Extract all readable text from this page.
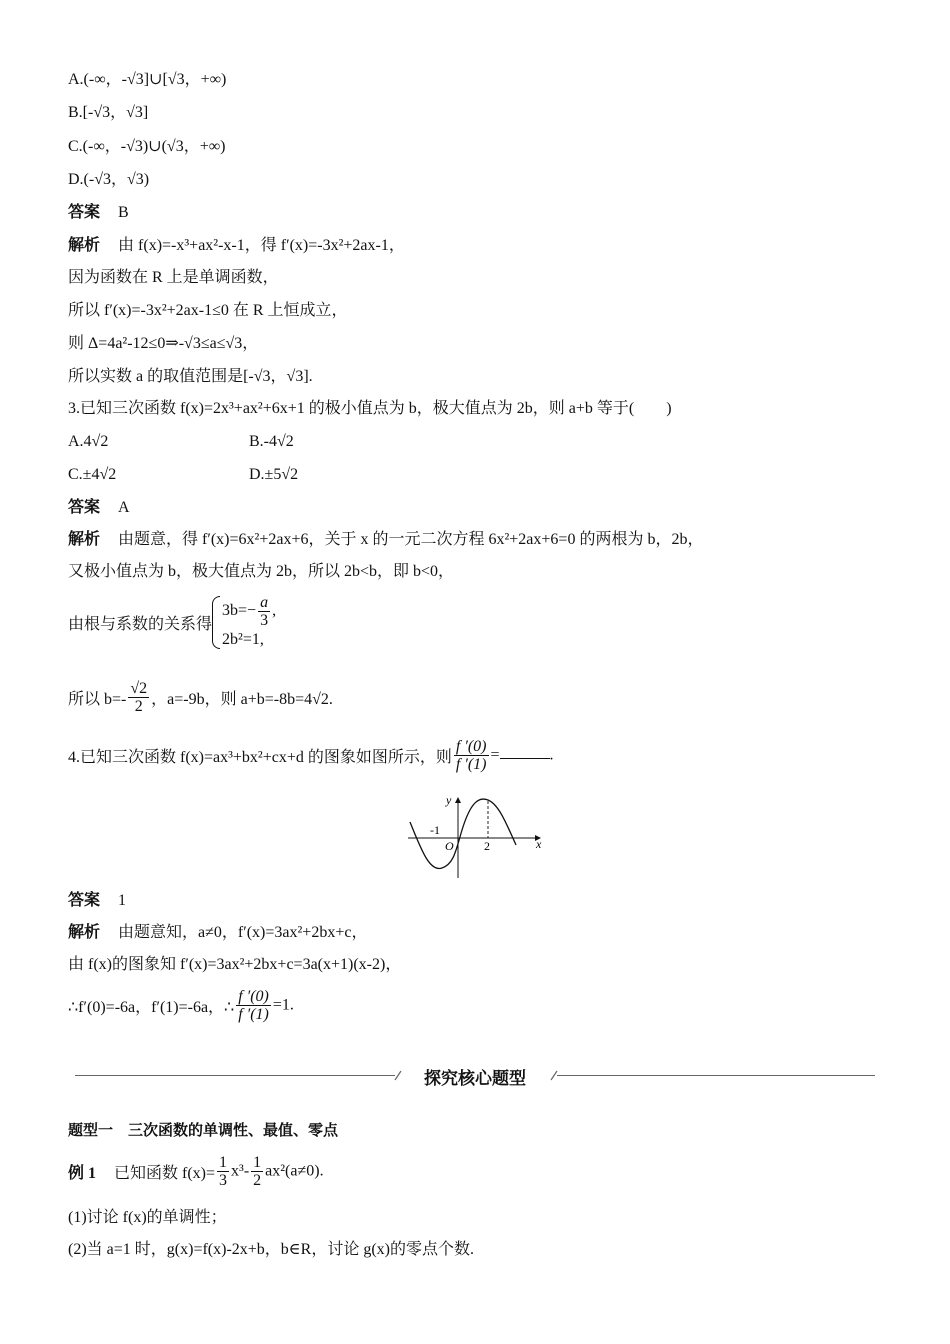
A.(-∞，-√3]∪[√3，+∞)
B.[-√3，√3]
C.(-∞，-√3)∪(√3，+∞)
D.(-√3，√3)
答案 B
解析 由 f(x)=-x³+ax²-x-1，得 f′(x)=-3x²+2ax-1，
因为函数在 R 上是单调函数，
所以 f′(x)=-3x²+2ax-1≤0 在 R 上恒成立，
则 Δ=4a²-12≤0⇒-√3≤a≤√3，
所以实数 a 的取值范围是[-√3，√3].
3.已知三次函数 f(x)=2x³+ax²+6x+1 的极小值点为 b，极大值点为 2b，则 a+b 等于(　　)
A.4√2	B.-4√2
C.±4√2	D.±5√2
答案 A
解析 由题意，得 f′(x)=6x²+2ax+6，关于 x 的一元二次方程 6x²+2ax+6=0 的两根为 b，2b，
又极小值点为 b，极大值点为 2b，所以 2b<b，即 b<0，
由根与系数的关系得
$3b=- \frac{a}{3}$ ,
2b²=1,
所以 $b=- \frac{√2}{2}$ ，a=-9b，则 a+b=-8b=4√2.
4.已知三次函数 f(x)=ax³+bx²+cx+d 的图象如图所示，则 $\frac{f '(0)}{f '(1)}$ =	.
y
x
O
-1
2
答案 1
解析 由题意知，a≠0，f′(x)=3ax²+2bx+c，
由 f(x)的图象知 f′(x)=3ax²+2bx+c=3a(x+1)(x-2)，
∴f′(0)=-6a，f′(1)=-6a，∴ $\frac{f '(0)}{f '(1)} =1$.
探究核心题型
题型一　三次函数的单调性、最值、零点
例 1 已知函数 $f(x)= \frac{1}{3} x^3- \frac{1}{2} ax^2(a\ne 0)$.
(1)讨论 f(x)的单调性；
(2)当 a=1 时，g(x)=f(x)-2x+b，b∈R，讨论 g(x)的零点个数.
